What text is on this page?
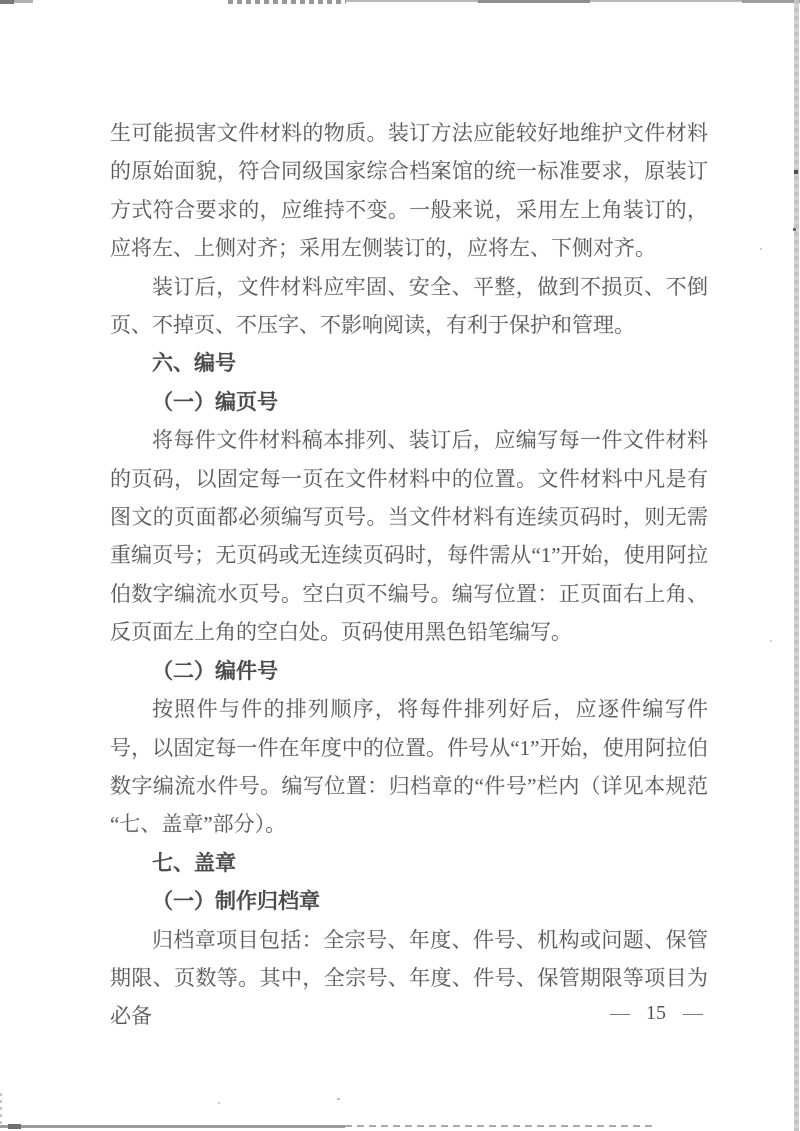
生可能损害文件材料的物质。装订方法应能较好地维护文件材料的原始面貌，符合同级国家综合档案馆的统一标准要求，原装订方式符合要求的，应维持不变。一般来说，采用左上角装订的，应将左、上侧对齐；采用左侧装订的，应将左、下侧对齐。

装订后，文件材料应牢固、安全、平整，做到不损页、不倒页、不掉页、不压字、不影响阅读，有利于保护和管理。

六、编号

（一）编页号

将每件文件材料稿本排列、装订后，应编写每一件文件材料的页码，以固定每一页在文件材料中的位置。文件材料中凡是有图文的页面都必须编写页号。当文件材料有连续页码时，则无需重编页号；无页码或无连续页码时，每件需从“1”开始，使用阿拉伯数字编流水页号。空白页不编号。编写位置：正页面右上角、反页面左上角的空白处。页码使用黑色铅笔编写。

（二）编件号

按照件与件的排列顺序，将每件排列好后，应逐件编写件号，以固定每一件在年度中的位置。件号从“1”开始，使用阿拉伯数字编流水件号。编写位置：归档章的“件号”栏内（详见本规范“七、盖章”部分）。

七、盖章

（一）制作归档章

归档章项目包括：全宗号、年度、件号、机构或问题、保管期限、页数等。其中，全宗号、年度、件号、保管期限等项目为必备	— 15 —
